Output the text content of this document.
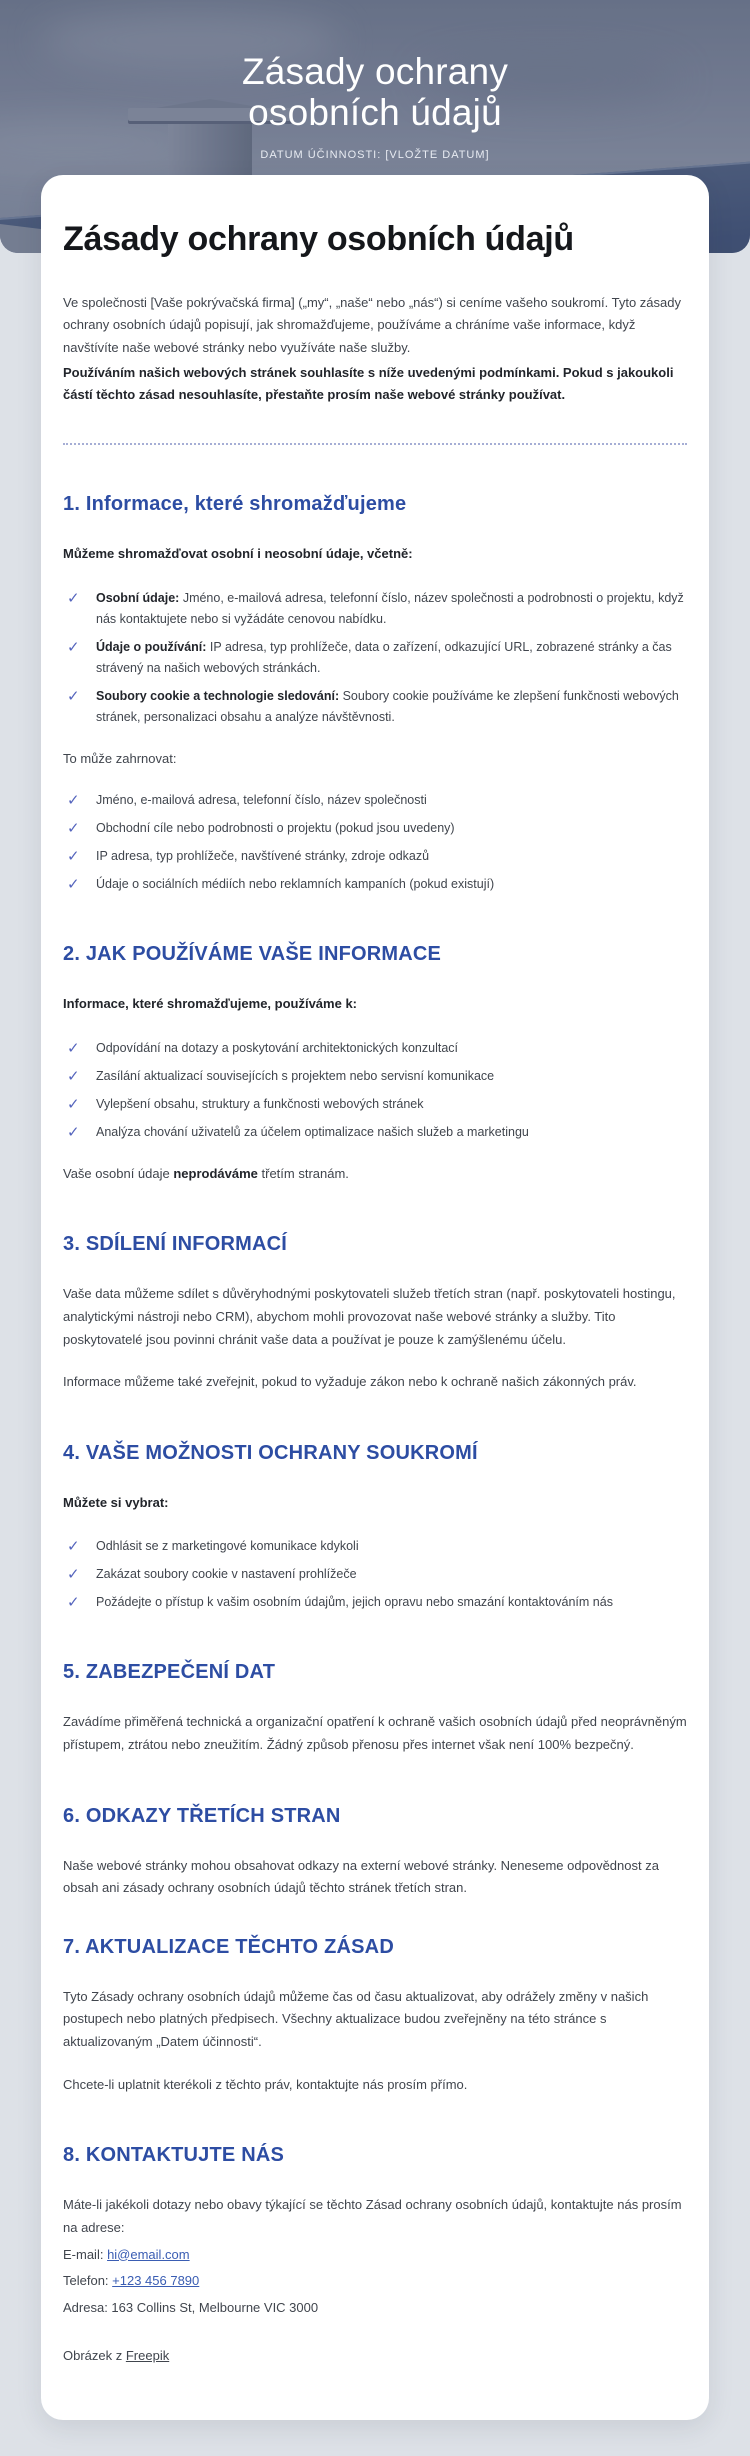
Zásady ochrany
osobních údajů
DATUM ÚČINNOSTI: [VLOŽTE DATUM]
Zásady ochrany osobních údajů

Ve společnosti [Vaše pokrývačská firma] („my“, „naše“ nebo „nás“) si ceníme vašeho soukromí. Tyto zásady ochrany osobních údajů popisují, jak shromažďujeme, používáme a chráníme vaše informace, když navštívíte naše webové stránky nebo využíváte naše služby.

Používáním našich webových stránek souhlasíte s níže uvedenými podmínkami. Pokud s jakoukoli částí těchto zásad nesouhlasíte, přestaňte prosím naše webové stránky používat.

1. Informace, které shromažďujeme

Můžeme shromažďovat osobní i neosobní údaje, včetně:

✓ Osobní údaje: Jméno, e-mailová adresa, telefonní číslo, název společnosti a podrobnosti o projektu, když nás kontaktujete nebo si vyžádáte cenovou nabídku.
✓ Údaje o používání: IP adresa, typ prohlížeče, data o zařízení, odkazující URL, zobrazené stránky a čas strávený na našich webových stránkách.
✓ Soubory cookie a technologie sledování: Soubory cookie používáme ke zlepšení funkčnosti webových stránek, personalizaci obsahu a analýze návštěvnosti.

To může zahrnovat:

✓ Jméno, e-mailová adresa, telefonní číslo, název společnosti
✓ Obchodní cíle nebo podrobnosti o projektu (pokud jsou uvedeny)
✓ IP adresa, typ prohlížeče, navštívené stránky, zdroje odkazů
✓ Údaje o sociálních médiích nebo reklamních kampaních (pokud existují)
2. JAK POUŽÍVÁME VAŠE INFORMACE

Informace, které shromažďujeme, používáme k:

✓ Odpovídání na dotazy a poskytování architektonických konzultací
✓ Zasílání aktualizací souvisejících s projektem nebo servisní komunikace
✓ Vylepšení obsahu, struktury a funkčnosti webových stránek
✓ Analýza chování uživatelů za účelem optimalizace našich služeb a marketingu

Vaše osobní údaje neprodáváme třetím stranám.

3. SDÍLENÍ INFORMACÍ

Vaše data můžeme sdílet s důvěryhodnými poskytovateli služeb třetích stran (např. poskytovateli hostingu, analytickými nástroji nebo CRM), abychom mohli provozovat naše webové stránky a služby. Tito poskytovatelé jsou povinni chránit vaše data a používat je pouze k zamýšlenému účelu.

Informace můžeme také zveřejnit, pokud to vyžaduje zákon nebo k ochraně našich zákonných práv.

4. VAŠE MOŽNOSTI OCHRANY SOUKROMÍ

Můžete si vybrat:

✓ Odhlásit se z marketingové komunikace kdykoli
✓ Zakázat soubory cookie v nastavení prohlížeče
✓ Požádejte o přístup k vašim osobním údajům, jejich opravu nebo smazání kontaktováním nás
5. ZABEZPEČENÍ DAT

Zavádíme přiměřená technická a organizační opatření k ochraně vašich osobních údajů před neoprávněným přístupem, ztrátou nebo zneužitím. Žádný způsob přenosu přes internet však není 100% bezpečný.

6. ODKAZY TŘETÍCH STRAN

Naše webové stránky mohou obsahovat odkazy na externí webové stránky. Neneseme odpovědnost za obsah ani zásady ochrany osobních údajů těchto stránek třetích stran.

7. AKTUALIZACE TĚCHTO ZÁSAD

Tyto Zásady ochrany osobních údajů můžeme čas od času aktualizovat, aby odrážely změny v našich postupech nebo platných předpisech. Všechny aktualizace budou zveřejněny na této stránce s aktualizovaným „Datem účinnosti“.

Chcete-li uplatnit kterékoli z těchto práv, kontaktujte nás prosím přímo.

8. KONTAKTUJTE NÁS

Máte-li jakékoli dotazy nebo obavy týkající se těchto Zásad ochrany osobních údajů, kontaktujte nás prosím na adrese:

E-mail: hi@email.com

Telefon: +123 456 7890

Adresa: 163 Collins St, Melbourne VIC 3000

Obrázek z Freepik
